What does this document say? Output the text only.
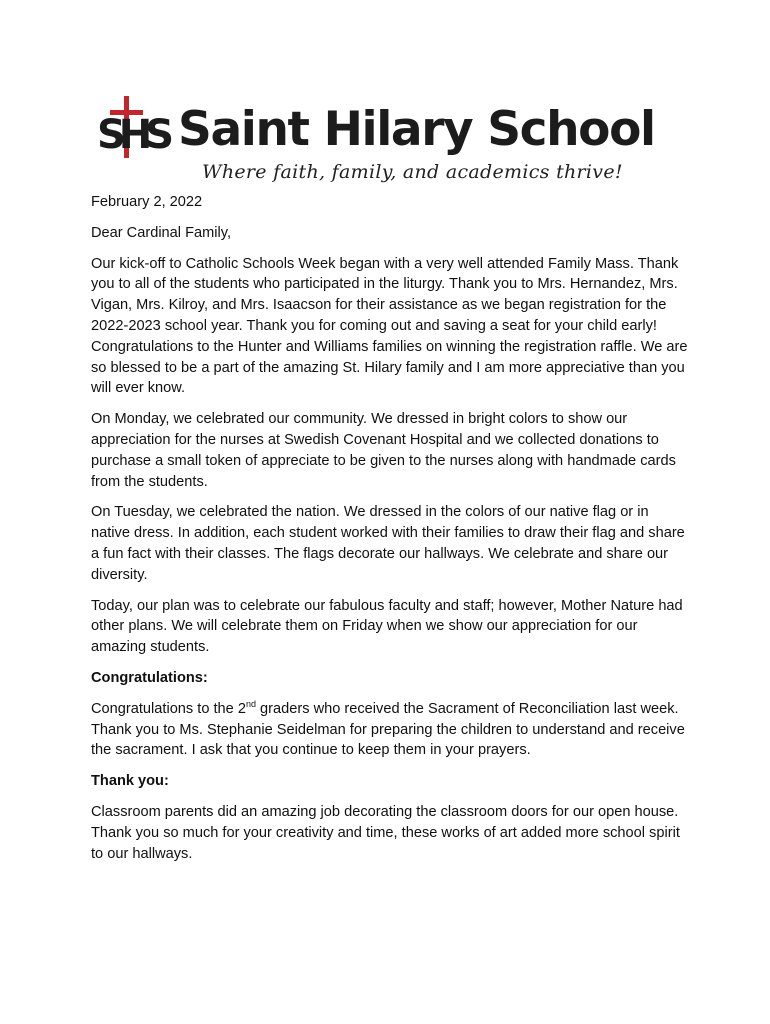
SHS Saint Hilary School
Where faith, family, and academics thrive!

February 2, 2022

Dear Cardinal Family,

Our kick-off to Catholic Schools Week began with a very well attended Family Mass. Thank you to all of the students who participated in the liturgy. Thank you to Mrs. Hernandez, Mrs. Vigan, Mrs. Kilroy, and Mrs. Isaacson for their assistance as we began registration for the 2022-2023 school year. Thank you for coming out and saving a seat for your child early! Congratulations to the Hunter and Williams families on winning the registration raffle. We are so blessed to be a part of the amazing St. Hilary family and I am more appreciative than you will ever know.

On Monday, we celebrated our community. We dressed in bright colors to show our appreciation for the nurses at Swedish Covenant Hospital and we collected donations to purchase a small token of appreciate to be given to the nurses along with handmade cards from the students.

On Tuesday, we celebrated the nation. We dressed in the colors of our native flag or in native dress. In addition, each student worked with their families to draw their flag and share a fun fact with their classes. The flags decorate our hallways. We celebrate and share our diversity.

Today, our plan was to celebrate our fabulous faculty and staff; however, Mother Nature had other plans. We will celebrate them on Friday when we show our appreciation for our amazing students.

Congratulations:

Congratulations to the 2nd graders who received the Sacrament of Reconciliation last week. Thank you to Ms. Stephanie Seidelman for preparing the children to understand and receive the sacrament. I ask that you continue to keep them in your prayers.

Thank you:

Classroom parents did an amazing job decorating the classroom doors for our open house. Thank you so much for your creativity and time, these works of art added more school spirit to our hallways.
